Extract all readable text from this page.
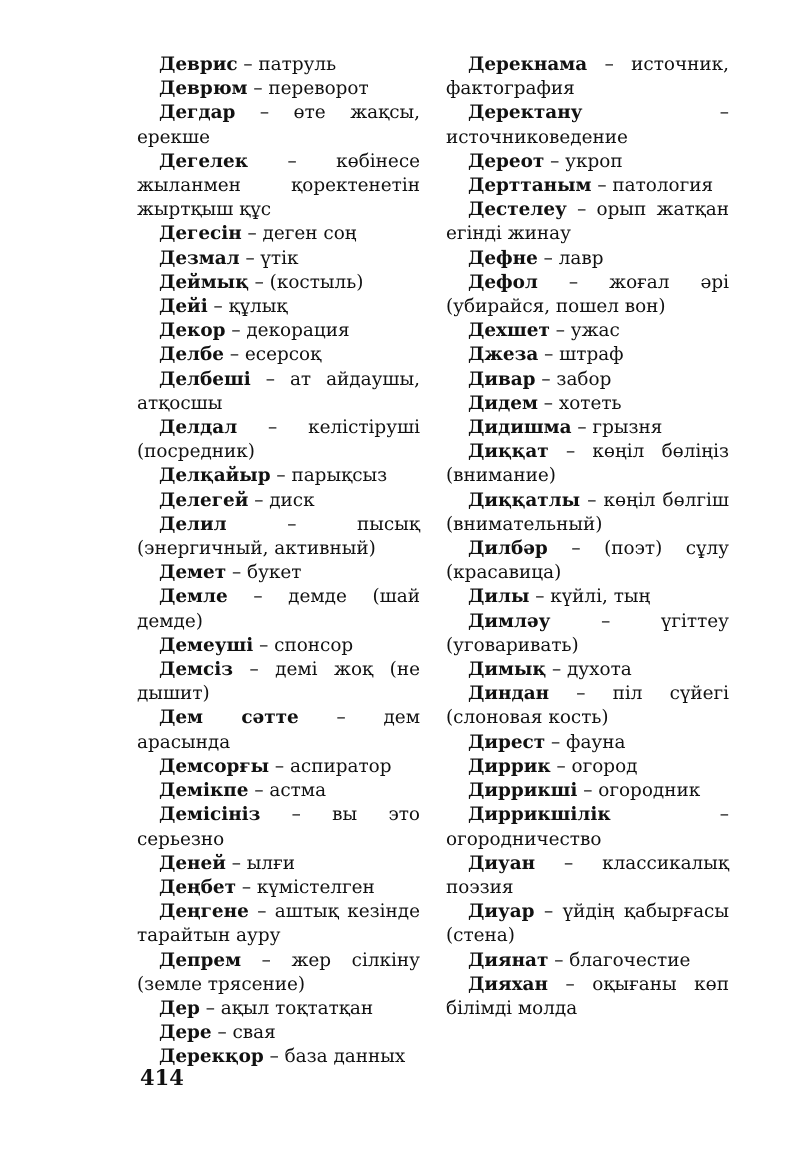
Деврис – патруль
Деврюм – переворот
Дегдар – өте жақсы, ерекше
Дегелек – көбінесе жыланмен қоректенетін жыртқыш құс
Дегесін – деген соң
Дезмал – үтік
Деймық – (костыль)
Дейі – құлық
Декор – декорация
Делбе – есерсоқ
Делбеші – ат айдаушы, атқосшы
Делдал – келістіруші (посредник)
Делқайыр – парықсыз
Делегей – диск
Делил – пысық (энергичный, активный)
Демет – букет
Демле – демде (шай демде)
Демеуші – спонсор
Демсіз – демі жоқ (не дышит)
Дем сәтте – дем арасында
Демсорғы – аспиратор
Демікпе – астма
Демісініз – вы это серьезно
Деней – ылғи
Деңбет – күмістелген
Деңгене – аштық кезінде тарайтын ауру
Депрем – жер сілкіну (земле трясение)
Дер – ақыл тоқтатқан
Дере – свая
Дерекқор – база данных
Дерекнама – источник, фактография
Деректану – источниковедение
Дереот – укроп
Дерттаным – патология
Дестелеу – орып жатқан егінді жинау
Дефне – лавр
Дефол – жоғал әрі (убирайся, пошел вон)
Дехшет – ужас
Джеза – штраф
Дивар – забор
Дидем – хотеть
Дидишма – грызня
Диққат – көңіл бөліңіз (внимание)
Диққатлы – көңіл бөлгіш (внимательный)
Дилбәр – (поэт) сұлу (красавица)
Дилы – күйлі, тың
Димләу – үгіттеу (уговаривать)
Димық – духота
Диндан – піл сүйегі (слоновая кость)
Дирест – фауна
Диррик – огород
Диррикші – огородник
Диррикшілік – огородничество
Диуан – классикалық поэзия
Диуар – үйдің қабырғасы (стена)
Диянат – благочестие
Дияхан – оқығаны көп білімді молда
414
